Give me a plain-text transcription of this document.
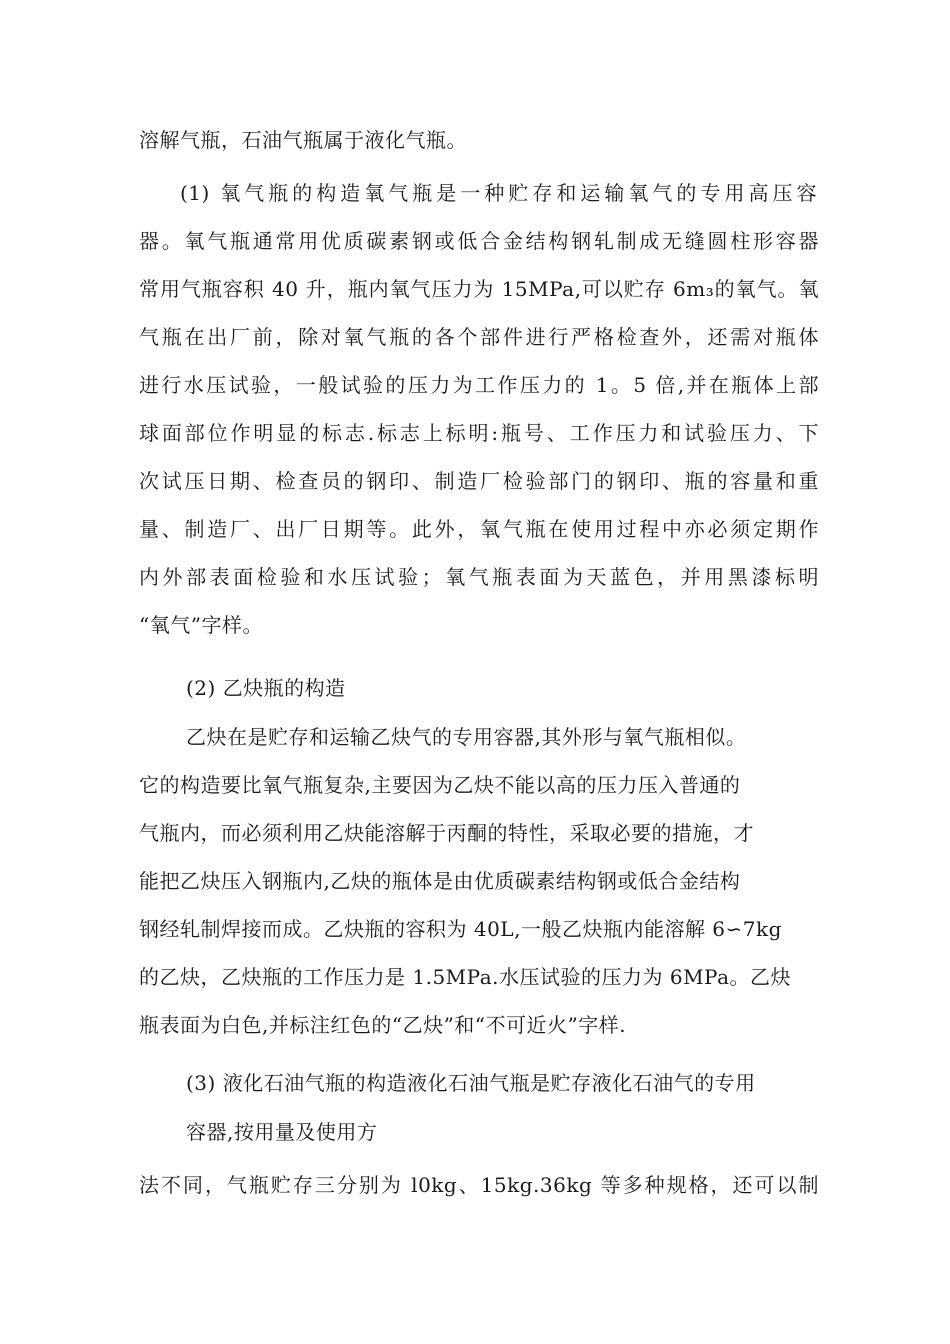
溶解气瓶，石油气瓶属于液化气瓶。
(1) 氧气瓶的构造氧气瓶是一种贮存和运输氧气的专用高压容
器。氧气瓶通常用优质碳素钢或低合金结构钢轧制成无缝圆柱形容器
常用气瓶容积 40 升，瓶内氧气压力为 15MPa,可以贮存 6m₃的氧气。氧
气瓶在出厂前，除对氧气瓶的各个部件进行严格检查外，还需对瓶体
进行水压试验，一般试验的压力为工作压力的 1。5 倍,并在瓶体上部
球面部位作明显的标志.标志上标明:瓶号、工作压力和试验压力、下
次试压日期、检查员的钢印、制造厂检验部门的钢印、瓶的容量和重
量、制造厂、出厂日期等。此外，氧气瓶在使用过程中亦必须定期作
内外部表面检验和水压试验；氧气瓶表面为天蓝色，并用黑漆标明
“氧气”字样。
(2) 乙炔瓶的构造
乙炔在是贮存和运输乙炔气的专用容器,其外形与氧气瓶相似。
它的构造要比氧气瓶复杂,主要因为乙炔不能以高的压力压入普通的
气瓶内，而必须利用乙炔能溶解于丙酮的特性，采取必要的措施，才
能把乙炔压入钢瓶内,乙炔的瓶体是由优质碳素结构钢或低合金结构
钢经轧制焊接而成。乙炔瓶的容积为 40L,一般乙炔瓶内能溶解 6∽7kg
的乙炔，乙炔瓶的工作压力是 1.5MPa.水压试验的压力为 6MPa。乙炔
瓶表面为白色,并标注红色的“乙炔”和“不可近火”字样.
(3) 液化石油气瓶的构造液化石油气瓶是贮存液化石油气的专用
容器,按用量及使用方
法不同，气瓶贮存三分别为 l0kg、15kg.36kg 等多种规格，还可以制
